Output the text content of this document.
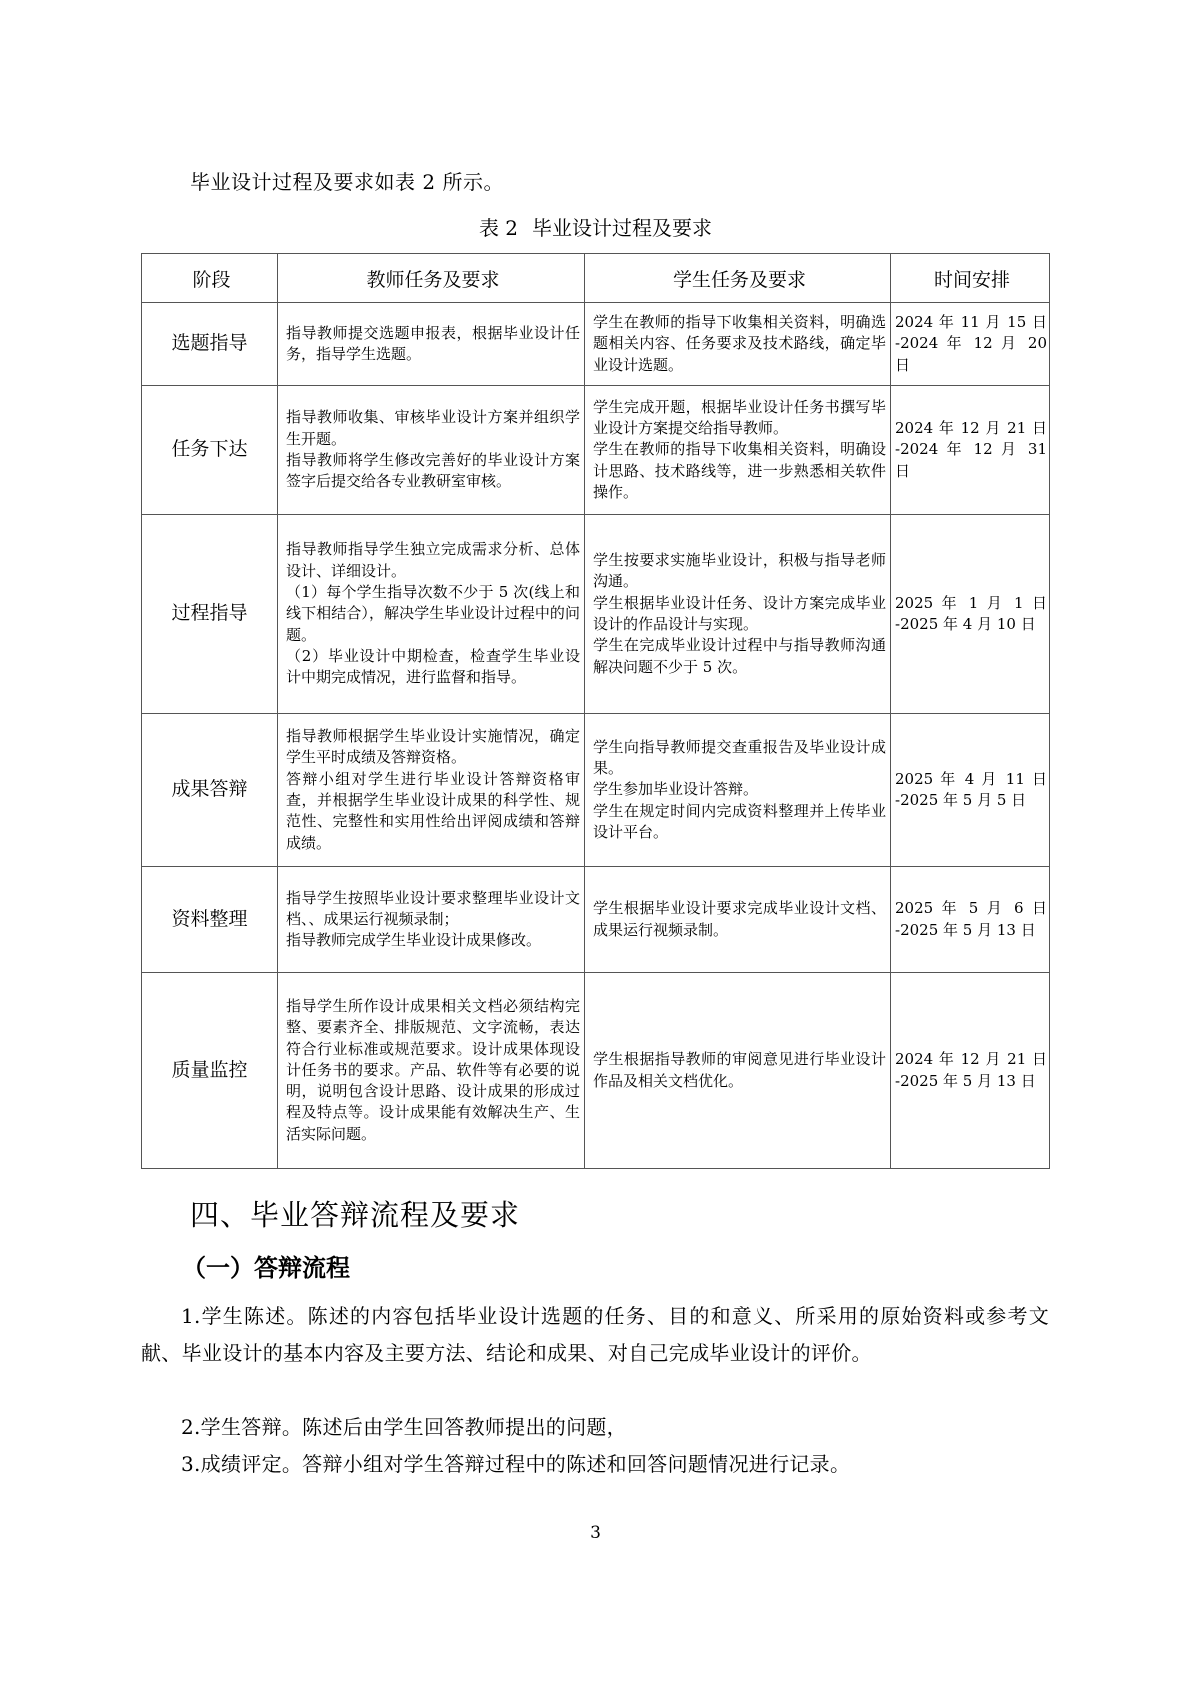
毕业设计过程及要求如表 2 所示。
表 2 毕业设计过程及要求
阶段	教师任务及要求	学生任务及要求	时间安排
选题指导	指导教师提交选题申报表，根据毕业设计任务，指导学生选题。	学生在教师的指导下收集相关资料，明确选题相关内容、任务要求及技术路线，确定毕业设计选题。	2024 年 11 月 15 日
-2024 年 12 月 20
日

任务下达	指导教师收集、审核毕业设计方案并组织学生开题。
指导教师将学生修改完善好的毕业设计方案签字后提交给各专业教研室审核。	学生完成开题，根据毕业设计任务书撰写毕业设计方案提交给指导教师。
学生在教师的指导下收集相关资料，明确设计思路、技术路线等，进一步熟悉相关软件操作。	2024 年 12 月 21 日
-2024 年 12 月 31
日

过程指导	指导教师指导学生独立完成需求分析、总体设计、详细设计。
（1）每个学生指导次数不少于 5 次(线上和线下相结合），解决学生毕业设计过程中的问题。
（2）毕业设计中期检查，检查学生毕业设计中期完成情况，进行监督和指导。	学生按要求实施毕业设计，积极与指导老师沟通。
学生根据毕业设计任务、设计方案完成毕业设计的作品设计与实现。
学生在完成毕业设计过程中与指导教师沟通解决问题不少于 5 次。	2025 年 1 月 1 日
-2025 年 4 月 10 日

成果答辩	指导教师根据学生毕业设计实施情况，确定学生平时成绩及答辩资格。
答辩小组对学生进行毕业设计答辩资格审查，并根据学生毕业设计成果的科学性、规范性、完整性和实用性给出评阅成绩和答辩成绩。	学生向指导教师提交查重报告及毕业设计成果。
学生参加毕业设计答辩。
学生在规定时间内完成资料整理并上传毕业设计平台。	2025 年 4 月 11 日
-2025 年 5 月 5 日

资料整理	指导学生按照毕业设计要求整理毕业设计文档、、成果运行视频录制；
指导教师完成学生毕业设计成果修改。	学生根据毕业设计要求完成毕业设计文档、成果运行视频录制。	2025 年 5 月 6 日
-2025 年 5 月 13 日

质量监控	指导学生所作设计成果相关文档必须结构完整、要素齐全、排版规范、文字流畅，表达符合行业标准或规范要求。设计成果体现设计任务书的要求。产品、软件等有必要的说明，说明包含设计思路、设计成果的形成过程及特点等。设计成果能有效解决生产、生活实际问题。	学生根据指导教师的审阅意见进行毕业设计作品及相关文档优化。	2024 年 12 月 21 日
-2025 年 5 月 13 日
四、毕业答辩流程及要求
（一）答辩流程
1.学生陈述。陈述的内容包括毕业设计选题的任务、目的和意义、所采用的原始资料或参考文献、毕业设计的基本内容及主要方法、结论和成果、对自己完成毕业设计的评价。
2.学生答辩。陈述后由学生回答教师提出的问题，
3.成绩评定。答辩小组对学生答辩过程中的陈述和回答问题情况进行记录。
3
